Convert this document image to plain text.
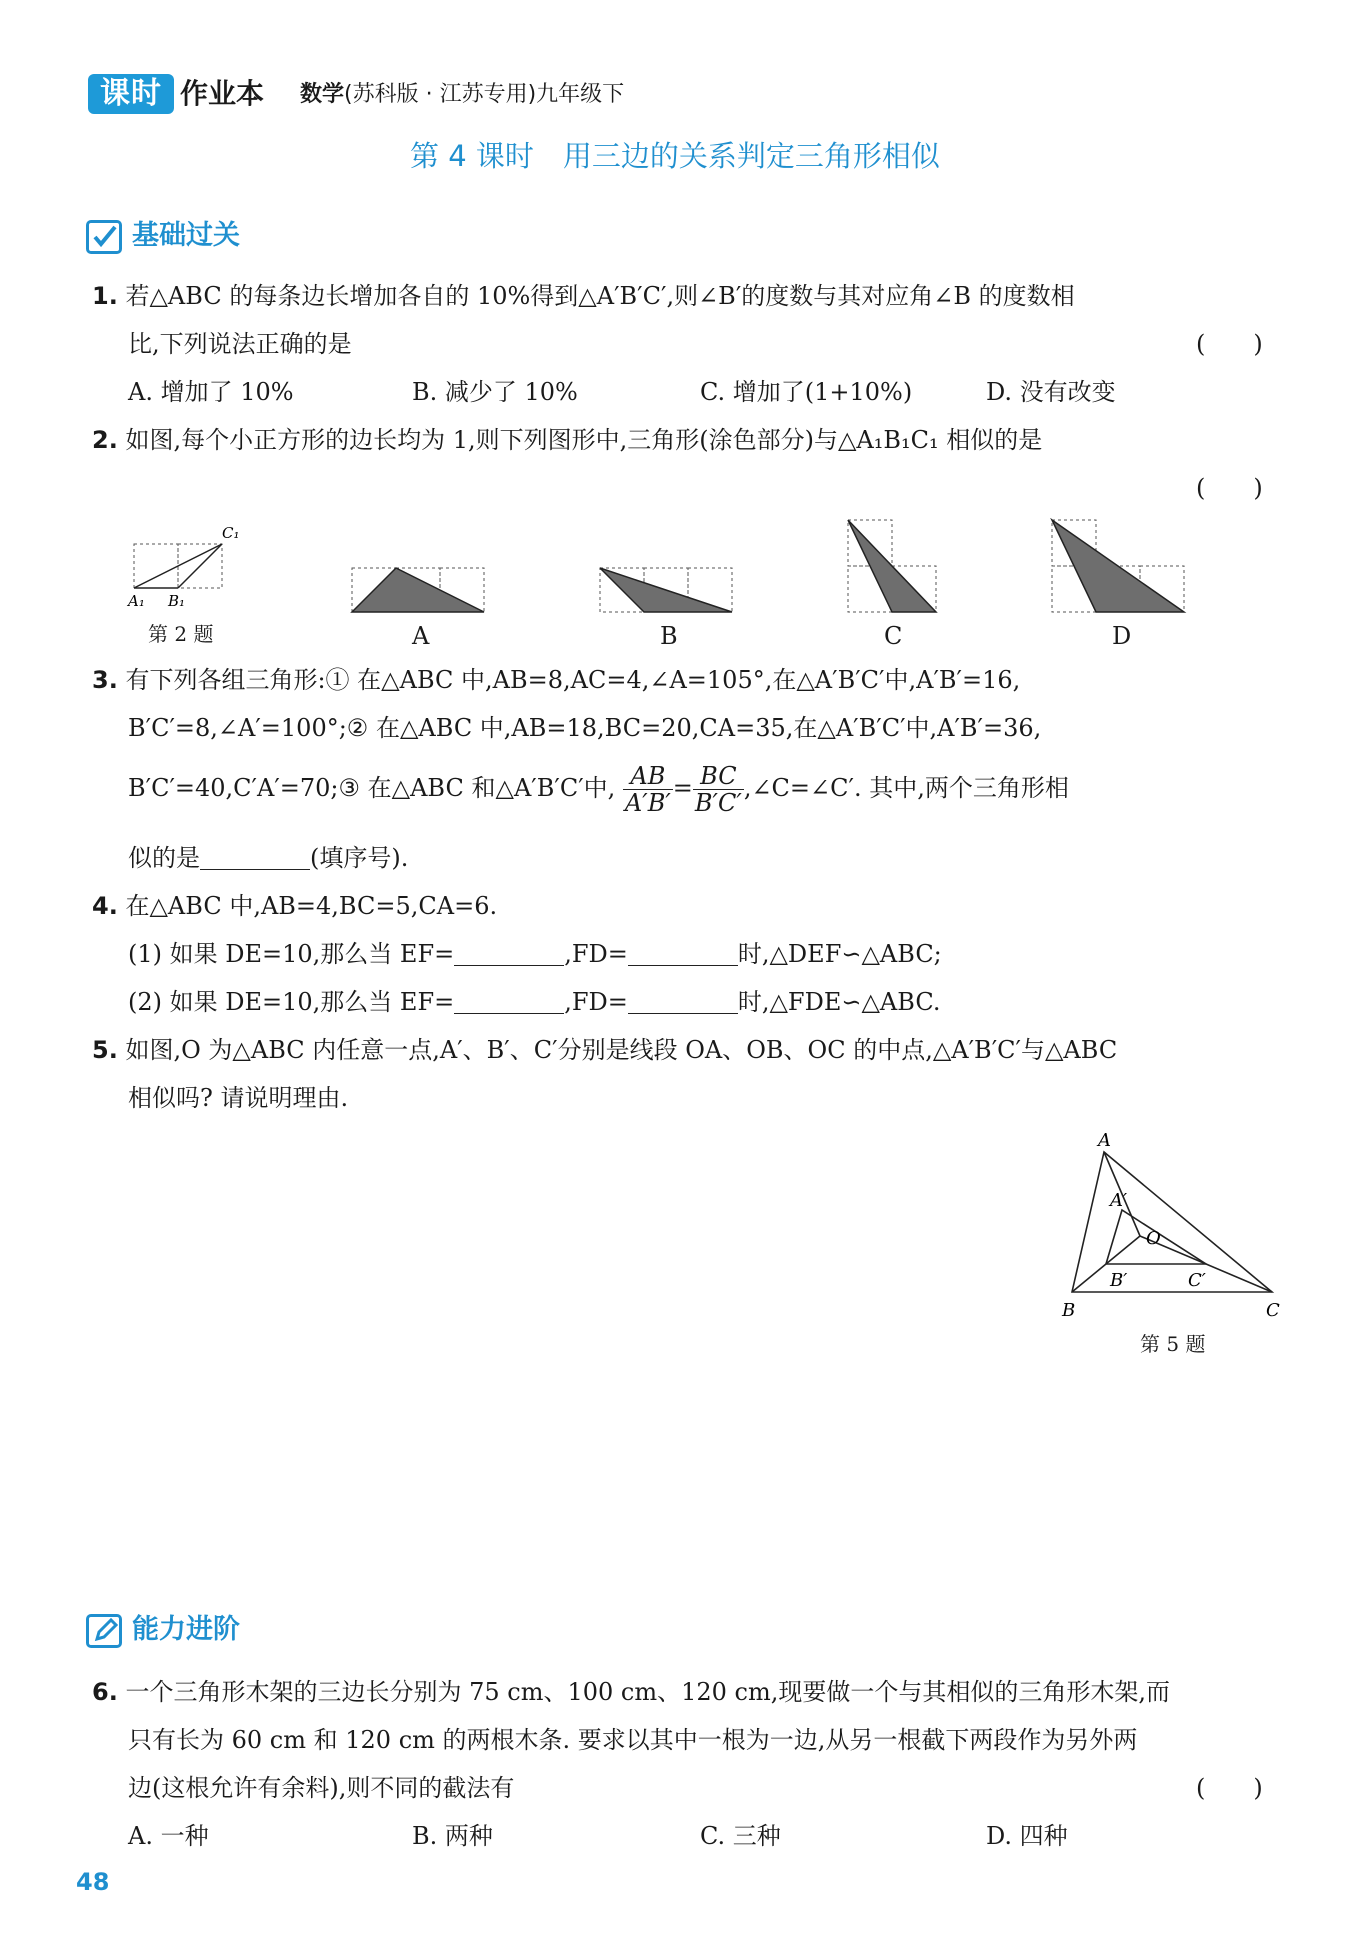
课时 作业本 数学(苏科版 · 江苏专用)九年级下
第 4 课时　用三边的关系判定三角形相似
基础过关
1. 若△ABC 的每条边长增加各自的 10%得到△A′B′C′,则∠B′的度数与其对应角∠B 的度数相
比,下列说法正确的是	(　　)
A. 增加了 10%	B. 减少了 10%	C. 增加了(1+10%)	D. 没有改变
2. 如图,每个小正方形的边长均为 1,则下列图形中,三角形(涂色部分)与△A₁B₁C₁ 相似的是
(　　)
A₁ B₁
C₁
第 2 题	A	B	C	D
3. 有下列各组三角形:① 在△ABC 中,AB=8,AC=4,∠A=105°,在△A′B′C′中,A′B′=16,
B′C′=8,∠A′=100°;② 在△ABC 中,AB=18,BC=20,CA=35,在△A′B′C′中,A′B′=36,
B′C′=40,C′A′=70;③ 在△ABC 和△A′B′C′中, $\frac{AB}{A'B'} = \frac{BC}{B'C'}$ ,∠C=∠C′. 其中,两个三角形相
似的是	(填序号).
4. 在△ABC 中,AB=4,BC=5,CA=6.
(1) 如果 DE=10,那么当 EF=	,FD=	时,△DEF∽△ABC;
(2) 如果 DE=10,那么当 EF=	,FD=	时,△FDE∽△ABC.
5. 如图,O 为△ABC 内任意一点,A′、B′、C′分别是线段 OA、OB、OC 的中点,△A′B′C′与△ABC
相似吗? 请说明理由.
A
B	C
O
A′
B′	C′
第 5 题
能力进阶
6. 一个三角形木架的三边长分别为 75 cm、100 cm、120 cm,现要做一个与其相似的三角形木架,而
只有长为 60 cm 和 120 cm 的两根木条. 要求以其中一根为一边,从另一根截下两段作为另外两
边(这根允许有余料),则不同的截法有	(　　)
A. 一种	B. 两种	C. 三种	D. 四种
48
